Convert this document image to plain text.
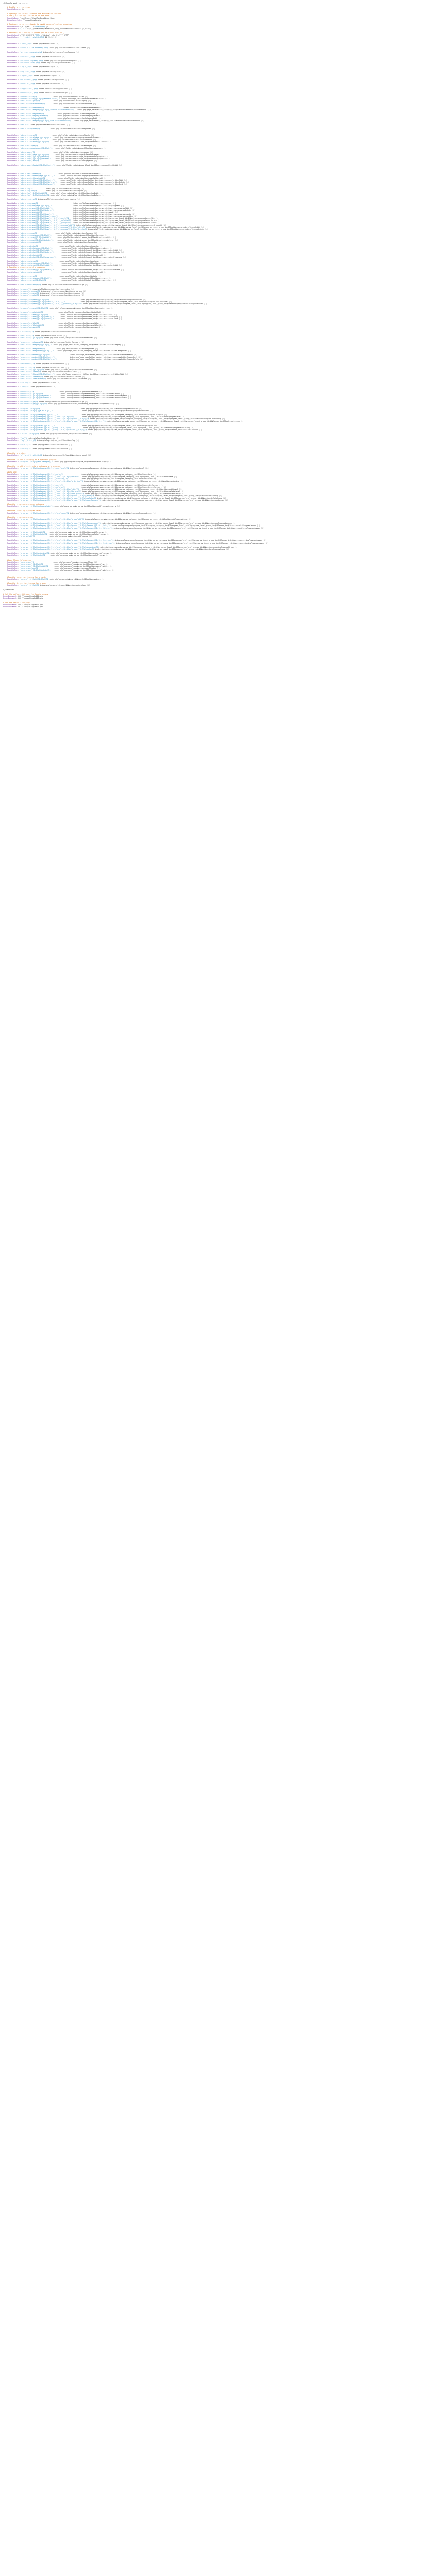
<IfModule mod_rewrite.c>

# Enable url rewriting
RewriteEngine On

# Specify the folder in which the application resides.
# Use / if the application is in the root.
RewriteBase /LastMinute/Shop/ForDemoDirectShop/
DirectoryIndex /ThongAdSimple.php

# Redirect to correct domain to avoid canonicalization problems
RewriteCond %{HTTP_HOST} !^localhost$ [NC]
RewriteRule ^(.*)$ http://localhost/LastMinute/Shop/ForDemoDirectShop/$1 [L,R=301]

# Redirect URLs ending in /index.php or /index.html to /
RewriteCond %{THE_REQUEST} ^GET\ .*/index\.(php|html?)\ HTTP
RewriteRule ^(.*)index\.(php|html?)$ $1 [R=301,L]

RewriteRule ^index\.php$ index.php?action=index [L]

RewriteRule ^cheap-airline-tickets\.php$ index.php?action=cheapAirlineTickets [L]

RewriteRule ^airline-coupons\.php$ index.php?action=airlineCoupons [L]

RewriteRule ^contacts\.php$ index.php?action=contacts [L]

RewriteRule ^password-request\.php$ index.php?action=passwordRequest [L]
RewriteRule ^password-sent\.php$ index.php?action=passwordSent [L]

RewriteRule ^login\.php$ index.php?action=login [L]

RewriteRule ^register\.php$ index.php?action=register [L]

RewriteRule ^logout\.php$ index.php?action=logout [L]

RewriteRule ^my-account\.php$ index.php?action=myAccount [L]

RewriteRule ^about-us\.php$ index.php?action=aboutUs [L]

RewriteRule ^suggestions\.php$ index.php?action=suggestions [L]

RewriteRule ^memberships\.php$ index.php?action=memberships [L]

RewriteRule ^addNewsletter/?$                index.php?action=addNewsletter [L]
RewriteRule ^addNewsletter/([0-9]+)/addNewsletter/?$ index.php?page_id=$1&action=addNewsletter [L]
RewriteRule ^newsletterSignup/?$             index.php?action=newsletterSignup [L]
RewriteRule ^newsletterUnsubscribe/?$        index.php?action=newsletterUnsubscribe [L]

RewriteRule ^addNewsletterMembers/?$                   index.php?action=addNewsletterMembers [L]
RewriteRule ^newsletter-category/([0-9]+)/addNewsletterMembers/?$   index.php?page_newsletter_category_id=$1&action=addNewsletterMembers [L]

RewriteRule ^newsletterCategories/?$             index.php?action=newsletterCategories [L]
RewriteRule ^newsletterCategoryDelete/?$         index.php?action=newsletterCategoryDelete [L]
RewriteRule ^newsletterCategoryEdit/?$           index.php?action=newsletterCategoryEdit [L]
RewriteRule ^newsletter-category/([0-9]+)/newsletterMembers/?$   index.php?page_newsletter_category_id=$1&action=newsletterMembers [L]

RewriteRule ^admin/?$ index.php?folder=admin&action=index [L]

RewriteRule ^admin-categories/?$          index.php?folder=admin&action=categories [L]

RewriteRule ^admin-clients/?$               index.php?folder=admin&action=clients [L]
RewriteRule ^admin-clients/page-([0-9]+)/?$   index.php?folder=admin&page=$1&action=clients [L]
RewriteRule ^admin-clientadd/?$             index.php?folder=admin&action=clientAdd [L]
RewriteRule ^admin-clientedit/([0-9]+)/?$     index.php?folder=admin&client_id=$1&action=clientEdit [L]

RewriteRule ^admin-messages/?$               index.php?folder=admin&action=messages [L]
RewriteRule ^admin-messages/page-([0-9]+)/?$   index.php?folder=admin&page=$1&action=messages [L]

RewriteRule ^admin-pages/?$                  index.php?folder=admin&action=pages [L]
RewriteRule ^admin-pages/page-([0-9]+)/?$      index.php?folder=admin&page=$1&action=pages [L]
RewriteRule ^admin-pages/([0-9]+)/edit/?$      index.php?folder=admin&page_id=$1&action=pageEdit [L]
RewriteRule ^admin-pages/([0-9]+)/delete/?$    index.php?folder=admin&page_id=$1&action=pageDelete [L]
RewriteRule ^admin-pages/add/?$                index.php?folder=admin&action=pageAdd [L]

RewriteRule ^admin-page-blocks/([0-9]+)/edit/?$ index.php?folder=admin&page_block_id=$1&action=pageBlockEdit [L]

RewriteRule ^admin-newsletters/?$                 index.php?folder=admin&action=newsletters [L]
RewriteRule ^admin-newsletters/page-([0-9]+)/?$     index.php?folder=admin&page=$1&action=newsletters [L]
RewriteRule ^admin-newsletters/add/?$             index.php?folder=admin&action=newsletterAdd [L]
RewriteRule ^admin-newsletters/([0-9]+)/edit/?$     index.php?folder=admin&newsletter_id=$1&action=newsletterEdit [L]
RewriteRule ^admin-newsletters/([0-9]+)/delete/?$   index.php?folder=admin&newsletter_id=$1&action=newsletterDelete [L]
RewriteRule ^admin-newsletters/([0-9]+)/send/?$     index.php?folder=admin&newsletter_id=$1&action=newsletterSend [L]

RewriteRule ^admin-faq/?$             index.php?folder=admin&action=faq [L]
RewriteRule ^admin-faq/add/?$         index.php?folder=admin&action=faqAdd [L]
RewriteRule ^admin-faq/([0-9]+)/edit/?$   index.php?folder=admin&faq_id=$1&action=faqEdit [L]
RewriteRule ^admin-faq/([0-9]+)/delete/?$ index.php?folder=admin&faq_id=$1&action=faqDelete [L]

RewriteRule ^admin-results/?$ index.php?folder=admin&action=results [L]

RewriteRule ^admin-programs/?$                                  index.php?folder=admin&action=programs [L]
RewriteRule ^admin-programs/page-([0-9]+)/?$                    index.php?folder=admin&page=$1&action=programs [L]
RewriteRule ^admin-programs/([0-9]+)/edit/?$                    index.php?folder=admin&program_id=$1&action=programEdit [L]
RewriteRule ^admin-programs/([0-9]+)/delete/?$                  index.php?folder=admin&program_id=$1&action=programDelete [L]
RewriteRule ^admin-programs/add/?$                              index.php?folder=admin&action=programAdd [L]
RewriteRule ^admin-programs/([0-9]+)/levels/?$                  index.php?folder=admin&program_id=$1&action=programLevels [L]
RewriteRule ^admin-programs/([0-9]+)/levels/add/?$              index.php?folder=admin&program_id=$1&action=programLevelAdd [L]
RewriteRule ^admin-programs/([0-9]+)/levels/([0-9]+)/edit/?$    index.php?folder=admin&program_id=$1&program_level_id=$2&action=programLevelEdit [L]
RewriteRule ^admin-programs/([0-9]+)/levels/([0-9]+)/delete/?$  index.php?folder=admin&program_id=$1&program_level_id=$2&action=programLevelDelete [L]
RewriteRule ^admin-programs/([0-9]+)/levels/([0-9]+)/groups/?$  index.php?folder=admin&program_id=$1&program_level_id=$2&action=programLevelGroups [L]
RewriteRule ^admin-programs/([0-9]+)/levels/([0-9]+)/groups/add/?$ index.php?folder=admin&program_id=$1&program_level_id=$2&action=programLevelGroupAdd [L]
RewriteRule ^admin-programs/([0-9]+)/levels/([0-9]+)/groups/([0-9]+)/edit/?$ index.php?folder=admin&program_id=$1&program_level_id=$2&program_level_group_id=$3&action=programLevelGroupEdit [L]
RewriteRule ^admin-programs/([0-9]+)/levels/([0-9]+)/groups/([0-9]+)/delete/?$ index.php?folder=admin&program_id=$1&program_level_id=$2&program_level_group_id=$3&action=programLevelGroupDelete [L]

RewriteRule ^admin-lessons/?$                  index.php?folder=admin&action=lessons [L]
RewriteRule ^admin-lessons/page-([0-9]+)/?$      index.php?folder=admin&page=$1&action=lessons [L]
RewriteRule ^admin-lessons/([0-9]+)/edit/?$      index.php?folder=admin&lesson_id=$1&action=lessonEdit [L]
RewriteRule ^admin-lessons/([0-9]+)/delete/?$    index.php?folder=admin&lesson_id=$1&action=lessonDelete [L]
RewriteRule ^admin-lessons/add/?$                index.php?folder=admin&action=lessonAdd [L]

RewriteRule ^admin-students/?$                     index.php?folder=admin&action=students [L]
RewriteRule ^admin-students/page-([0-9]+)/?$         index.php?folder=admin&page=$1&action=students [L]
RewriteRule ^admin-students/([0-9]+)/edit/?$         index.php?folder=admin&student_id=$1&action=studentEdit [L]
RewriteRule ^admin-students/([0-9]+)/delete/?$       index.php?folder=admin&student_id=$1&action=studentDelete [L]
RewriteRule ^admin-students/add/?$                   index.php?folder=admin&action=studentAdd [L]
RewriteRule ^admin-students/([0-9]+)/programs/?$     index.php?folder=admin&student_id=$1&action=studentPrograms [L]

RewriteRule ^admin-teachers/?$                     index.php?folder=admin&action=teachers [L]
RewriteRule ^admin-teachers/page-([0-9]+)/?$         index.php?folder=admin&page=$1&action=teachers [L]
RewriteRule ^admin-teachers/([0-9]+)/edit/?$         index.php?folder=admin&teacher_id=$1&action=teacherEdit [L]
# Rewrite a single area of a resource
RewriteRule ^admin-teachers/([0-9]+)/delete/?$       index.php?folder=admin&teacher_id=$1&action=teacherDelete [L]
RewriteRule ^admin-teachers/add/?$                   index.php?folder=admin&action=teacherAdd [L]

RewriteRule ^admin-tickets/?$                      index.php?folder=admin&action=tickets [L]
RewriteRule ^admin-tickets/page-([0-9]+)/?$          index.php?folder=admin&page=$1&action=tickets [L]
RewriteRule ^admin-tickets/([0-9]+)/?$               index.php?folder=admin&ticket_id=$1&action=ticket [L]

RewriteRule ^admin-memberships/?$ index.php?folder=admin&action=memberships [L]

RewriteRule ^mypages/?$ index.php?folder=mypages&action=index [L]
RewriteRule ^mypages/programs/?$ index.php?folder=mypages&action=programs [L]
RewriteRule ^mypages/lessons/?$ index.php?folder=mypages&action=lessons [L]
RewriteRule ^mypages/tickets/?$ index.php?folder=mypages&action=tickets [L]

RewriteRule ^mypages/programs/([0-9]+)/?$                              index.php?folder=mypages&program_id=$1&action=programOverview [L]
RewriteRule ^mypages/programs/([0-9]+)/levels/([0-9]+)/?$              index.php?folder=mypages&program_id=$1&program_level_id=$2&action=programLevelOverview [L]
RewriteRule ^mypages/programs/([0-9]+)/levels/([0-9]+)/groups/([0-9]+)/?$ index.php?folder=mypages&program_id=$1&program_level_id=$2&program_level_group_id=$3&action=programLevelGroupOverview [L]

RewriteRule ^mypages/lessons/([0-9]+)/?$ index.php?folder=mypages&lesson_id=$1&action=lessonOverview [L]

RewriteRule ^mypages/tickets/add/?$               index.php?folder=mypages&action=ticketAdd [L]
RewriteRule ^mypages/tickets/([0-9]+)/?$            index.php?folder=mypages&ticket_id=$1&action=ticket [L]
RewriteRule ^mypages/tickets/([0-9]+)/reply/?$      index.php?folder=mypages&ticket_id=$1&action=ticketReply [L]
RewriteRule ^mypages/tickets/([0-9]+)/close/?$      index.php?folder=mypages&ticket_id=$1&action=ticketClose [L]

RewriteRule ^mypages/profile/?$                   index.php?folder=mypages&action=profile [L]
RewriteRule ^mypages/profile/edit/?$              index.php?folder=mypages&action=profileEdit [L]
RewriteRule ^mypages/password/?$                  index.php?folder=mypages&action=password [L]

RewriteRule ^instructor/?$ index.php?folder=instructor&action=index [L]

RewriteRule ^newsletter/?$ index.php?action=newsletter [L]
RewriteRule ^newsletter/([0-9]+)/?$ index.php?newsletter_id=$1&action=newsletterView [L]

RewriteRule ^newsletter-category/?$ index.php?action=newsletterCategory [L]
RewriteRule ^newsletter-category/([0-9]+)/?$ index.php?page_newsletter_category_id=$1&action=newsletterCategory [L]

RewriteRule ^newsletter-categories/?$           index.php?action=newsletterCategories [L]
RewriteRule ^newsletter-categories/([0-9]+)/?$   index.php?page_newsletter_category_id=$1&action=newsletterCategories [L]

RewriteRule ^newsletter-member/([0-9]+)/?$                   index.php?page_newsletter_member_id=$1&action=newsletterMember [L]
RewriteRule ^newsletter-member/([0-9]+)/edit/?$              index.php?page_newsletter_member_id=$1&action=newsletterMemberEdit [L]
RewriteRule ^newsletter-member/([0-9]+)/delete/?$            index.php?page_newsletter_member_id=$1&action=newsletterMemberDelete [L]

RewriteRule ^newsMembers/?$ index.php?action=newsMembers [L]

RewriteRule ^auditFilter/?$ index.php?action=auditFilter [L]
RewriteRule ^auditFilter/([0-9]+)/?$ index.php?audit_filter_id=$1&action=auditFilter [L]
RewriteRule ^newsletterFilters/?$ index.php?action=newsletterFilters [L]
RewriteRule ^newsletterFilters/([0-9]+)/edit/?$ index.php?page_newsletter_filter_id=$1&action=newsletterFilterEdit [L]
RewriteRule ^newsletterFilterAdd/?$ index.php?action=newsletterFilterAdd [L]
RewriteRule ^newsletterFilterDelete/?$ index.php?action=newsletterFilterDelete [L]

RewriteRule ^trainee/?$ index.php?action=trainee [L]

RewriteRule ^index/?$ index.php?action=index [L]

RewriteRule ^membership/?$                         index.php?pg=membership&action=membership [L]
RewriteRule ^membership/([0-9]+)/?$                 index.php?pg=membership&membership_id=$1&action=membership [L]
RewriteRule ^membership/([0-9]+)/payment/?$         index.php?pg=membership&membership_id=$1&action=membershipPayment [L]
RewriteRule ^membership/([0-9]+)/success/?$         index.php?pg=membership&membership_id=$1&action=membershipSuccess [L]

RewriteRule ^my-memberships/?$ index.php?pg=membership&action=myMemberships [L]
RewriteRule ^my-memberships/([0-9]+)/?$ index.php?pg=membership&user_membership_id=$1&action=myMembership [L]

RewriteRule ^program-([0-9]+)/?$                                       index.php?pg=program&program_id=$1&action=programOverview [L]
RewriteRule ^program-([0-9]+)-([a-z0-9-]+)/?$                            index.php?pg=program&program_id=$1&slug=$2&action=programOverview [L]

RewriteRule ^program-([0-9]+)/category-([0-9]+)/?$                      index.php?pg=program&program_id=$1&program_category_id=$2&action=programCategory [L]
RewriteRule ^program-([0-9]+)/category-([0-9]+)/level-([0-9]+)/?$        index.php?pg=program&program_id=$1&program_category_id=$2&program_level_id=$3&action=programLevel [L]
RewriteRule ^program-([0-9]+)/category-([0-9]+)/level-([0-9]+)/group-([0-9]+)/?$ index.php?pg=program&program_id=$1&program_category_id=$2&program_level_id=$3&program_level_group_id=$4&action=programLevelGroup [L]
RewriteRule ^program-([0-9]+)/category-([0-9]+)/level-([0-9]+)/group-([0-9]+)/lesson-([0-9]+)/?$ index.php?pg=program&program_id=$1&program_category_id=$2&program_level_id=$3&program_level_group_id=$4&lesson_id=$5&action=lesson [L]

RewriteRule ^program-([0-9]+)/level-([0-9]+)/?$                          index.php?pg=program&program_id=$1&program_level_id=$2&action=programLevel [L]
RewriteRule ^program-([0-9]+)/level-([0-9]+)/group-([0-9]+)/?$            index.php?pg=program&program_id=$1&program_level_id=$2&program_level_group_id=$3&action=programLevelGroup [L]
RewriteRule ^program-([0-9]+)/level-([0-9]+)/group-([0-9]+)/lesson-([0-9]+)/?$ index.php?pg=program&program_id=$1&program_level_id=$2&program_level_group_id=$3&lesson_id=$4&action=lesson [L]

RewriteRule ^lesson-([0-9]+)/?$ index.php?pg=program&lesson_id=$1&action=lesson [L]

RewriteRule ^faq/?$ index.php?pg=faq&action=faq [L]
RewriteRule ^faq/([0-9]+)/?$ index.php?pg=faq&faq_id=$1&action=faq [L]

RewriteRule ^results/?$ index.php?pg=results&action=results [L]

RewriteRule ^feature/?$ index.php?pg=feature&action=feature [L]

#Rewrite a product
RewriteRule ^p/([a-z0-9-]+)\.html$ index.php?pg=product&slug=$1&action=product [L]

#Rewrite to add a category to a specific program
RewriteRule ^program-([0-9]+)/add-category/?$ index.php?pg=program&program_id=$1&action=addCategory [L]

#Rewrite to add a level into a category of a program
RewriteRule ^program-([0-9]+)/category-([0-9]+)/add-level/?$ index.php?pg=program&program_id=$1&program_category_id=$2&action=addLevel [L]

#DATA API
RewriteRule ^program-([0-9]+)/category-([0-9]+)/data/?$                 index.php?pg=program&program_id=$1&program_category_id=$2&action=data [L]
RewriteRule ^program-([0-9]+)/category-([0-9]+)/level-([0-9]+)/data/?$   index.php?pg=program&program_id=$1&program_category_id=$2&program_level_id=$3&action=data [L]
RewriteRule ^program-([0-9]+)/category-([0-9]+)/ordering/?$             index.php?pg=program&program_id=$1&program_category_id=$2&action=ordering [L]
RewriteRule ^program-([0-9]+)/category-([0-9]+)/level-([0-9]+)/ordering/?$ index.php?pg=program&program_id=$1&program_category_id=$2&program_level_id=$3&action=ordering [L]

RewriteRule ^program-([0-9]+)/category-([0-9]+)/edit/?$                 index.php?pg=program&program_id=$1&program_category_id=$2&action=editCategory [L]
RewriteRule ^program-([0-9]+)/category-([0-9]+)/delete/?$               index.php?pg=program&program_id=$1&program_category_id=$2&action=deleteCategory [L]
RewriteRule ^program-([0-9]+)/category-([0-9]+)/level-([0-9]+)/edit/?$   index.php?pg=program&program_id=$1&program_category_id=$2&program_level_id=$3&action=editLevel [L]
RewriteRule ^program-([0-9]+)/category-([0-9]+)/level-([0-9]+)/delete/?$ index.php?pg=program&program_id=$1&program_category_id=$2&program_level_id=$3&action=deleteLevel [L]
RewriteRule ^program-([0-9]+)/category-([0-9]+)/level-([0-9]+)/add-group/?$ index.php?pg=program&program_id=$1&program_category_id=$2&program_level_id=$3&action=addGroup [L]
RewriteRule ^program-([0-9]+)/category-([0-9]+)/level-([0-9]+)/group-([0-9]+)/edit/?$ index.php?pg=program&program_id=$1&program_category_id=$2&program_level_id=$3&program_level_group_id=$4&action=editGroup [L]
RewriteRule ^program-([0-9]+)/category-([0-9]+)/level-([0-9]+)/group-([0-9]+)/delete/?$ index.php?pg=program&program_id=$1&program_category_id=$2&program_level_id=$3&program_level_group_id=$4&action=deleteGroup [L]
RewriteRule ^program-([0-9]+)/category-([0-9]+)/level-([0-9]+)/group-([0-9]+)/add-lesson/?$ index.php?pg=program&program_id=$1&program_category_id=$2&program_level_id=$3&program_level_group_id=$4&action=addLesson [L]

#Rewrite creating a program category
RewriteRule ^program-([0-9]+)/category/add/?$ index.php?pg=program&program_id=$1&action=addProgramCategory [L]

#Rewrite creating a program level
RewriteRule ^program-([0-9]+)/category-([0-9]+)/level/add/?$ index.php?pg=program&program_id=$1&program_category_id=$2&action=addProgramLevel [L]

#Rewrite creating a group
RewriteRule ^program-([0-9]+)/category-([0-9]+)/level-([0-9]+)/group/add/?$ index.php?pg=program&program_id=$1&program_category_id=$2&program_level_id=$3&action=addProgramGroup [L]

RewriteRule ^program-([0-9]+)/category-([0-9]+)/level-([0-9]+)/group-([0-9]+)/lesson/add/?$ index.php?pg=program&program_id=$1&program_category_id=$2&program_level_id=$3&program_level_group_id=$4&action=addProgramLesson [L]
RewriteRule ^program-([0-9]+)/category-([0-9]+)/level-([0-9]+)/group-([0-9]+)/lesson-([0-9]+)/edit/?$ index.php?pg=program&program_id=$1&program_category_id=$2&program_level_id=$3&program_level_group_id=$4&lesson_id=$5&action=editProgramLesson [L]
RewriteRule ^program-([0-9]+)/category-([0-9]+)/level-([0-9]+)/group-([0-9]+)/lesson-([0-9]+)/delete/?$ index.php?pg=program&program_id=$1&program_category_id=$2&program_level_id=$3&program_level_group_id=$4&lesson_id=$5&action=deleteProgramLesson [L]

RewriteRule ^program-([0-9]+)/edit/?$    index.php?pg=program&program_id=$1&action=editProgram [L]
RewriteRule ^program-([0-9]+)/delete/?$  index.php?pg=program&program_id=$1&action=deleteProgram [L]
RewriteRule ^program/add/?$              index.php?pg=program&action=addProgram [L]

RewriteRule ^program-([0-9]+)/category-([0-9]+)/level-([0-9]+)/group-([0-9]+)/lesson-([0-9]+)/preview/?$ index.php?pg=program&program_id=$1&program_category_id=$2&program_level_id=$3&program_level_group_id=$4&lesson_id=$5&action=previewProgramLesson [L]
RewriteRule ^program-([0-9]+)/category-([0-9]+)/level-([0-9]+)/group-([0-9]+)/lesson-([0-9]+)/ordering/?$ index.php?pg=program&program_id=$1&program_category_id=$2&program_level_id=$3&program_level_group_id=$4&lesson_id=$5&action=orderingProgramLesson [L]

RewriteRule ^program-([0-9]+)/category-([0-9]+)/level-([0-9]+)/group-([0-9]+)/ordering/?$ index.php?pg=program&program_id=$1&program_category_id=$2&program_level_id=$3&program_level_group_id=$4&action=orderingProgramGroup [L]
RewriteRule ^program-([0-9]+)/category-([0-9]+)/level-([0-9]+)/group-([0-9]+)/data/?$ index.php?pg=program&program_id=$1&program_category_id=$2&program_level_id=$3&program_level_group_id=$4&action=dataProgramGroup [L]

RewriteRule ^program-([0-9]+)/ordering/?$ index.php?pg=program&program_id=$1&action=orderingProgram [L]
RewriteRule ^program-([0-9]+)/data/?$     index.php?pg=program&program_id=$1&action=dataProgram [L]

#Open Plugs Information
RewriteRule ^open-plugs/?$                   index.php?pg=openPlugs&action=openPlugs [L]
RewriteRule ^open-plugs/([0-9]+)/?$           index.php?pg=openPlugs&plug_id=$1&action=openPlug [L]
RewriteRule ^open-plugs/([0-9]+)/edit/?$      index.php?pg=openPlugs&plug_id=$1&action=openPlugEdit [L]
RewriteRule ^open-plugs/add/?$                index.php?pg=openPlugs&action=openPlugAdd [L]
RewriteRule ^open-plugs/([0-9]+)/delete/?$    index.php?pg=openPlugs&plug_id=$1&action=openPlugDelete [L]

#Rewrite point the classes for a month
RewriteRule ^points/([0-9]+)/([0-9]+)/?$ index.php?pg=points&year=$1&month=$2&action=points [L]

#Rewrite direct the classes for a year
RewriteRule ^points/([0-9]+)/?$ index.php?pg=points&year=$1&action=pointsYear [L]

</IfModule>

# Set the default 404 page for Apache errors
ErrorDocument 404 /ThongAdSimple404.php
ErrorDocument 403 /ThongAdSimple403.php

# Set the default 500 page
ErrorDocument 500 /ThongAdSimple500.php
ErrorDocument 401 /ThongAdSimple401.php
